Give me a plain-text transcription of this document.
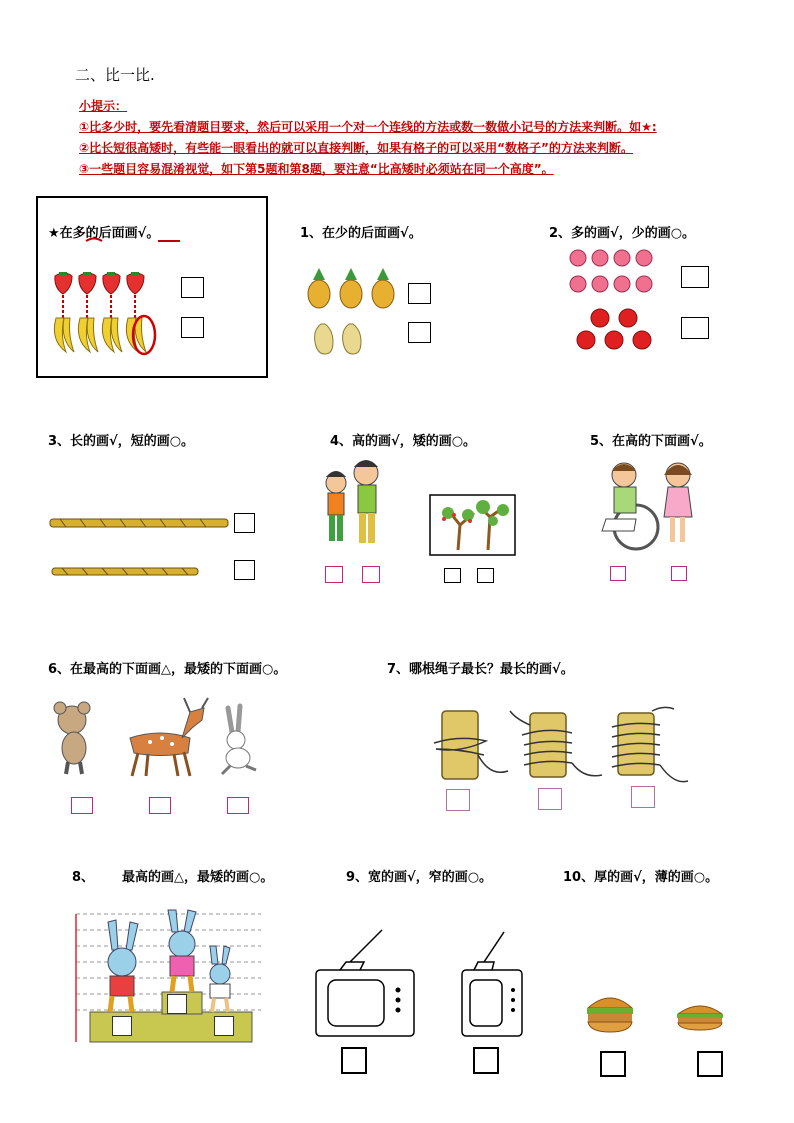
二、比一比.
小提示：
①比多少时，要先看清题目要求，然后可以采用一个对一个连线的方法或数一数做小记号的方法来判断。如★:
②比长短很高矮时，有些能一眼看出的就可以直接判断，如果有格子的可以采用“数格子”的方法来判断。
③一些题目容易混淆视觉，如下第5题和第8题，要注意“比高矮时必须站在同一个高度”。
★在多的后面画√。	1、在少的后面画√。	2、多的画√，少的画○。
3、长的画√，短的画○。	4、高的画√，矮的画○。	5、在高的下面画√。
6、在最高的下面画△，最矮的下面画○。	7、哪根绳子最长？最长的画√。
8、 最高的画△，最矮的画○。	9、宽的画√，窄的画○。	10、厚的画√，薄的画○。
